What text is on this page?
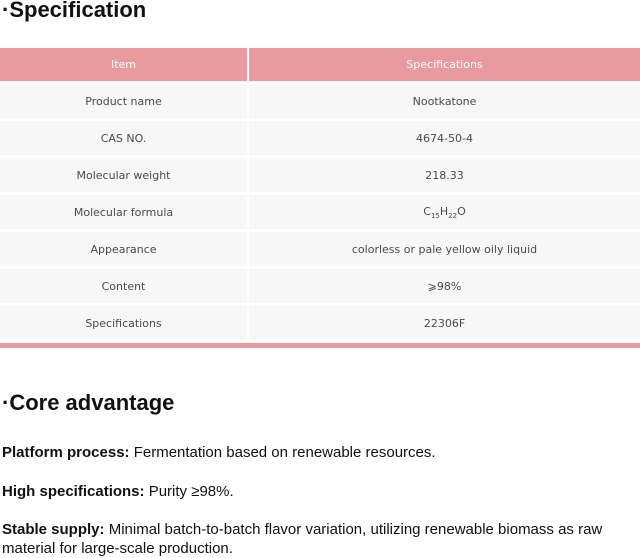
·Specification
Item	Specifications
Product name	Nootkatone
CAS NO.	4674-50-4
Molecular weight	218.33
Molecular formula	$C_{15}H_{22}O$
Appearance	colorless or pale yellow oily liquid
Content	⩾98%
Specifications	22306F
·Core advantage

Platform process: Fermentation based on renewable resources.

High specifications: Purity ≥98%.

Stable supply: Minimal batch-to-batch flavor variation, utilizing renewable biomass as raw material for large-scale production.
